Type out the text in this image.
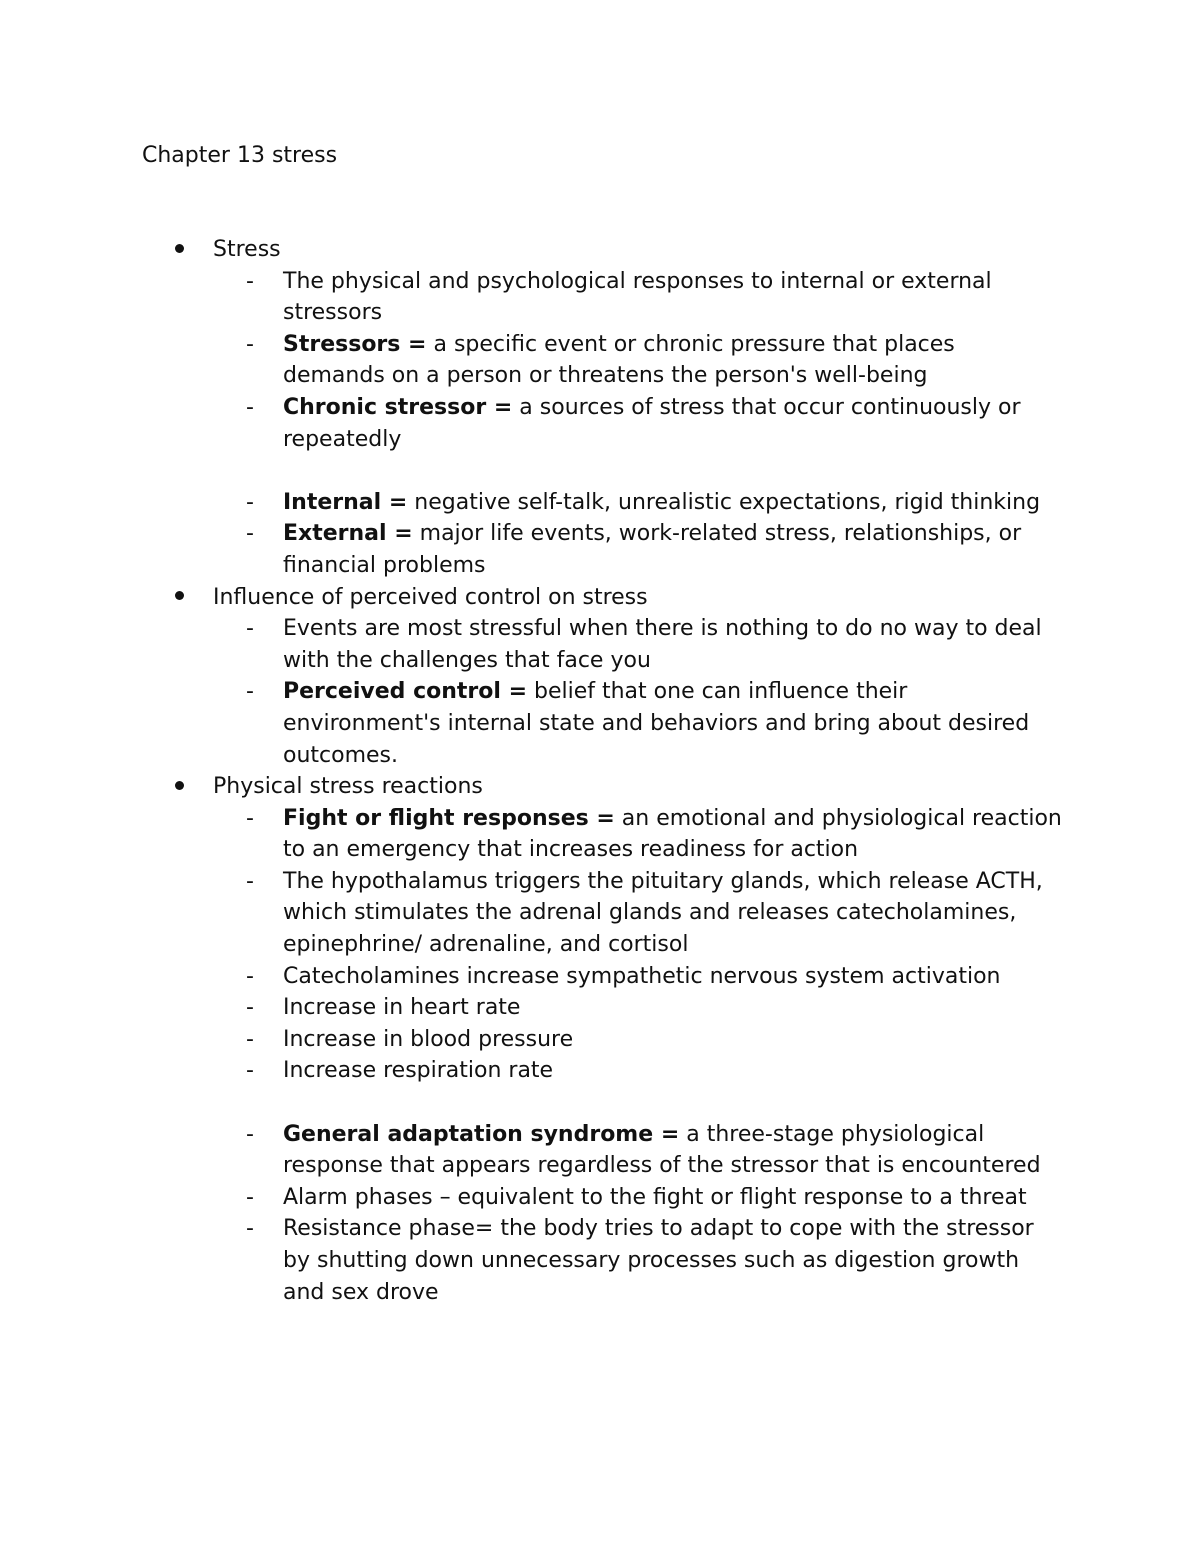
Chapter 13 stress
Stress
- The physical and psychological responses to internal or external stressors
- Stressors = a specific event or chronic pressure that places demands on a person or threatens the person's well-being
- Chronic stressor = a sources of stress that occur continuously or repeatedly
- Internal = negative self-talk, unrealistic expectations, rigid thinking
- External = major life events, work-related stress, relationships, or financial problems
Influence of perceived control on stress
- Events are most stressful when there is nothing to do no way to deal with the challenges that face you
- Perceived control = belief that one can influence their environment's internal state and behaviors and bring about desired outcomes.
Physical stress reactions
- Fight or flight responses = an emotional and physiological reaction to an emergency that increases readiness for action
- The hypothalamus triggers the pituitary glands, which release ACTH, which stimulates the adrenal glands and releases catecholamines, epinephrine/ adrenaline, and cortisol
- Catecholamines increase sympathetic nervous system activation
- Increase in heart rate
- Increase in blood pressure
- Increase respiration rate
- General adaptation syndrome = a three-stage physiological response that appears regardless of the stressor that is encountered
- Alarm phases – equivalent to the fight or flight response to a threat
- Resistance phase= the body tries to adapt to cope with the stressor by shutting down unnecessary processes such as digestion growth and sex drove
